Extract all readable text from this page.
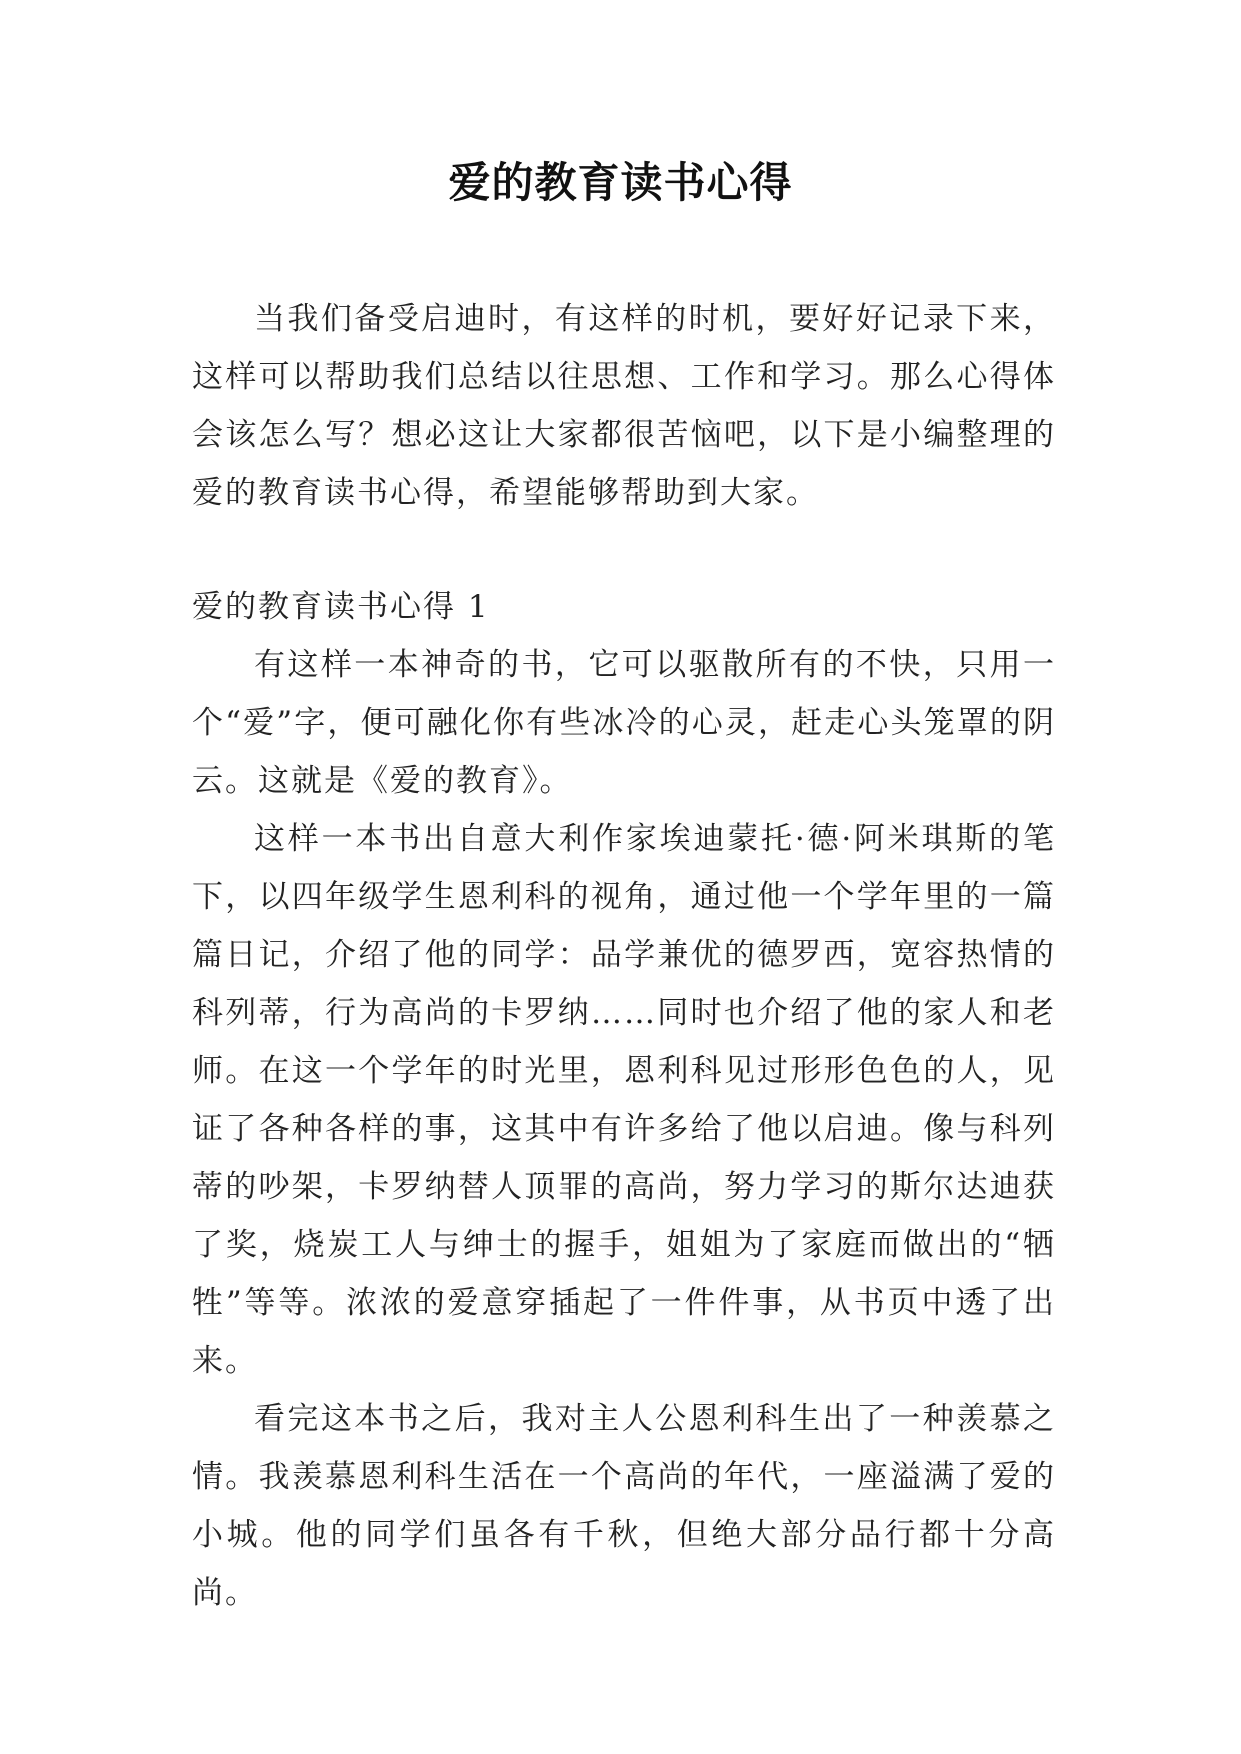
爱的教育读书心得

当我们备受启迪时，有这样的时机，要好好记录下来，这样可以帮助我们总结以往思想、工作和学习。那么心得体会该怎么写？想必这让大家都很苦恼吧，以下是小编整理的爱的教育读书心得，希望能够帮助到大家。

爱的教育读书心得 1

有这样一本神奇的书，它可以驱散所有的不快，只用一个“爱”字，便可融化你有些冰冷的心灵，赶走心头笼罩的阴云。这就是《爱的教育》。

这样一本书出自意大利作家埃迪蒙托·德·阿米琪斯的笔下，以四年级学生恩利科的视角，通过他一个学年里的一篇篇日记，介绍了他的同学：品学兼优的德罗西，宽容热情的科列蒂，行为高尚的卡罗纳……同时也介绍了他的家人和老师。在这一个学年的时光里，恩利科见过形形色色的人，见证了各种各样的事，这其中有许多给了他以启迪。像与科列蒂的吵架，卡罗纳替人顶罪的高尚，努力学习的斯尔达迪获了奖，烧炭工人与绅士的握手，姐姐为了家庭而做出的“牺牲”等等。浓浓的爱意穿插起了一件件事，从书页中透了出来。

看完这本书之后，我对主人公恩利科生出了一种羡慕之情。我羡慕恩利科生活在一个高尚的年代，一座溢满了爱的小城。他的同学们虽各有千秋，但绝大部分品行都十分高尚。
